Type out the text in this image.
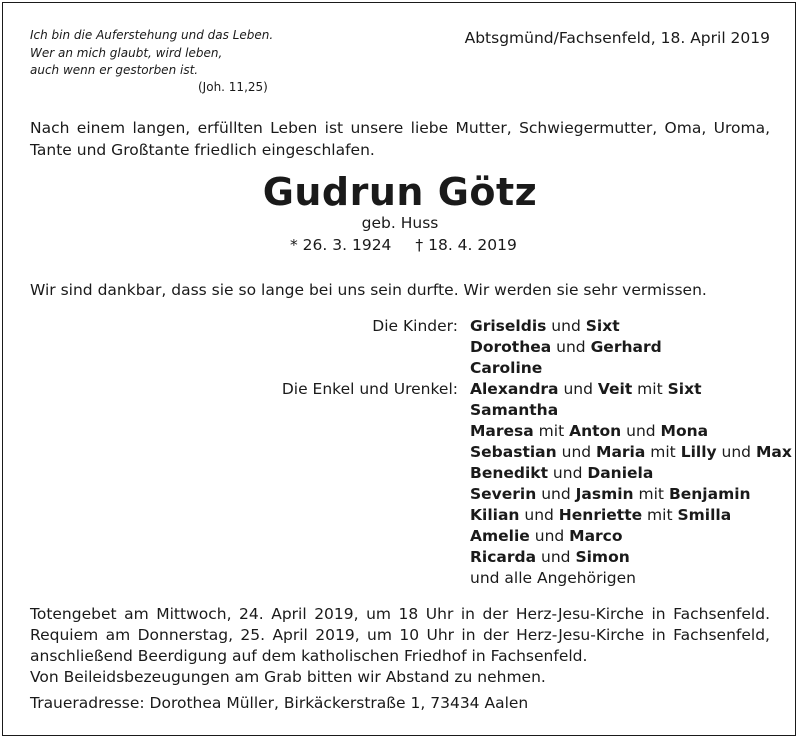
Ich bin die Auferstehung und das Leben.
Wer an mich glaubt, wird leben,
auch wenn er gestorben ist.
(Joh. 11,25)
Abtsgmünd/Fachsenfeld, 18. April 2019
Nach einem langen, erfüllten Leben ist unsere liebe Mutter, Schwiegermutter, Oma, Uroma, Tante und Großtante friedlich eingeschlafen.
Gudrun Götz
geb. Huss
* 26. 3. 1924 † 18. 4. 2019
Wir sind dankbar, dass sie so lange bei uns sein durfte. Wir werden sie sehr vermissen.
Die Kinder:
Die Enkel und Urenkel:
Griseldis und Sixt
Dorothea und Gerhard
Caroline
Alexandra und Veit mit Sixt
Samantha
Maresa mit Anton und Mona
Sebastian und Maria mit Lilly und Max
Benedikt und Daniela
Severin und Jasmin mit Benjamin
Kilian und Henriette mit Smilla
Amelie und Marco
Ricarda und Simon
und alle Angehörigen
Totengebet am Mittwoch, 24. April 2019, um 18 Uhr in der Herz-Jesu-Kirche in Fachsenfeld.
Requiem am Donnerstag, 25. April 2019, um 10 Uhr in der Herz-Jesu-Kirche in Fachsenfeld,
anschließend Beerdigung auf dem katholischen Friedhof in Fachsenfeld.
Von Beileidsbezeugungen am Grab bitten wir Abstand zu nehmen.
Traueradresse: Dorothea Müller, Birkäckerstraße 1, 73434 Aalen
